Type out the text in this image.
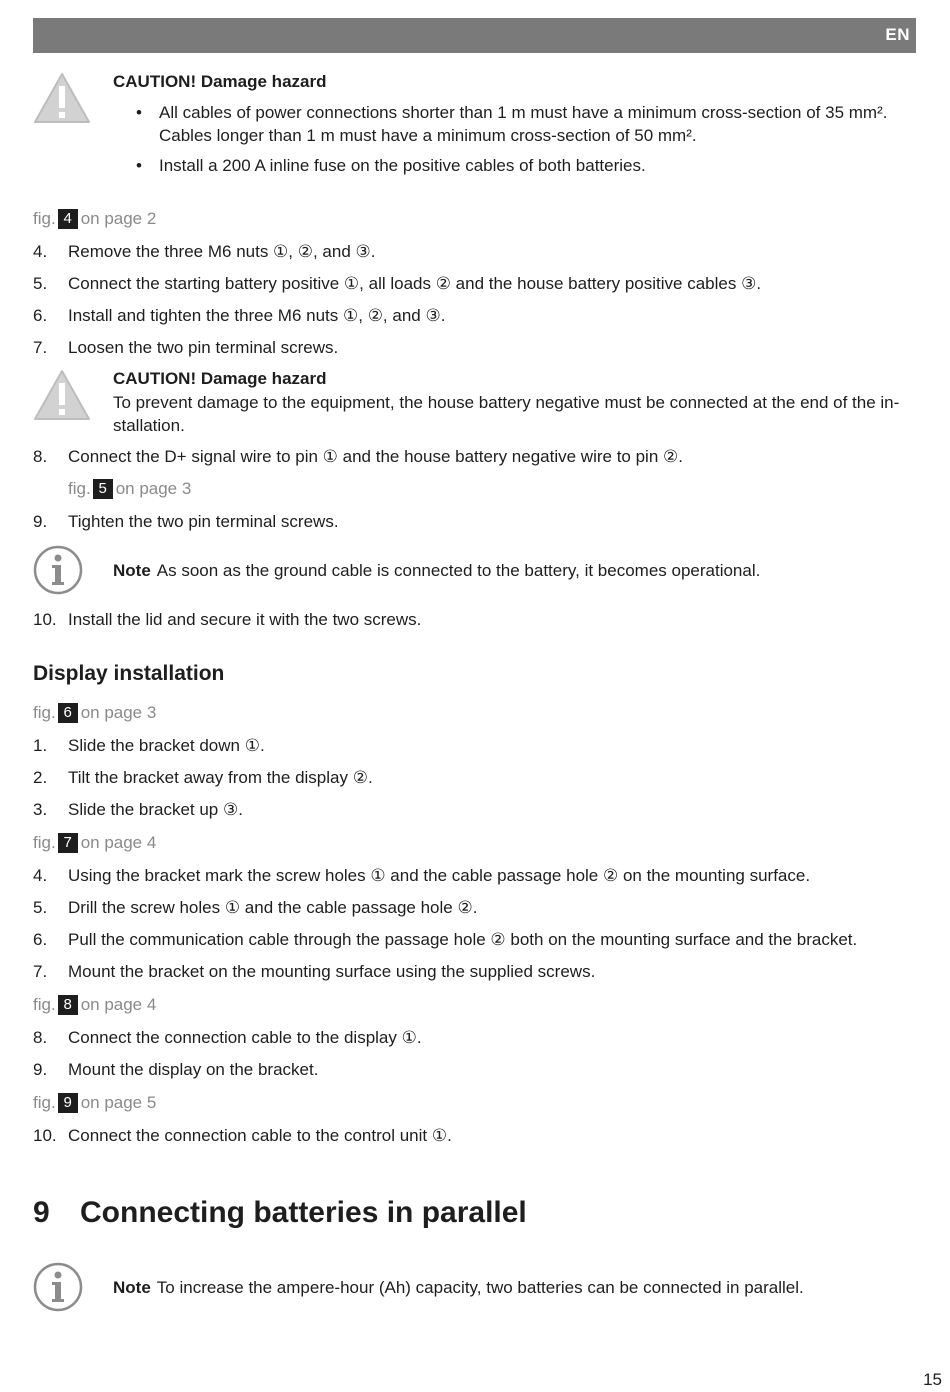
EN
CAUTION! Damage hazard
• All cables of power connections shorter than 1 m must have a minimum cross-section of 35 mm².
Cables longer than 1 m must have a minimum cross-section of 50 mm².
• Install a 200 A inline fuse on the positive cables of both batteries.
fig. 4 on page 2
4. Remove the three M6 nuts ①, ②, and ③.
5. Connect the starting battery positive ①, all loads ② and the house battery positive cables ③.
6. Install and tighten the three M6 nuts ①, ②, and ③.
7. Loosen the two pin terminal screws.
CAUTION! Damage hazard
To prevent damage to the equipment, the house battery negative must be connected at the end of the in-
stallation.
8. Connect the D+ signal wire to pin ① and the house battery negative wire to pin ②.
fig. 5 on page 3
9. Tighten the two pin terminal screws.
Note As soon as the ground cable is connected to the battery, it becomes operational.
10. Install the lid and secure it with the two screws.
Display installation
fig. 6 on page 3
1. Slide the bracket down ①.
2. Tilt the bracket away from the display ②.
3. Slide the bracket up ③.
fig. 7 on page 4
4. Using the bracket mark the screw holes ① and the cable passage hole ② on the mounting surface.
5. Drill the screw holes ① and the cable passage hole ②.
6. Pull the communication cable through the passage hole ② both on the mounting surface and the bracket.
7. Mount the bracket on the mounting surface using the supplied screws.
fig. 8 on page 4
8. Connect the connection cable to the display ①.
9. Mount the display on the bracket.
fig. 9 on page 5
10. Connect the connection cable to the control unit ①.
9 Connecting batteries in parallel
Note To increase the ampere-hour (Ah) capacity, two batteries can be connected in parallel.
15
